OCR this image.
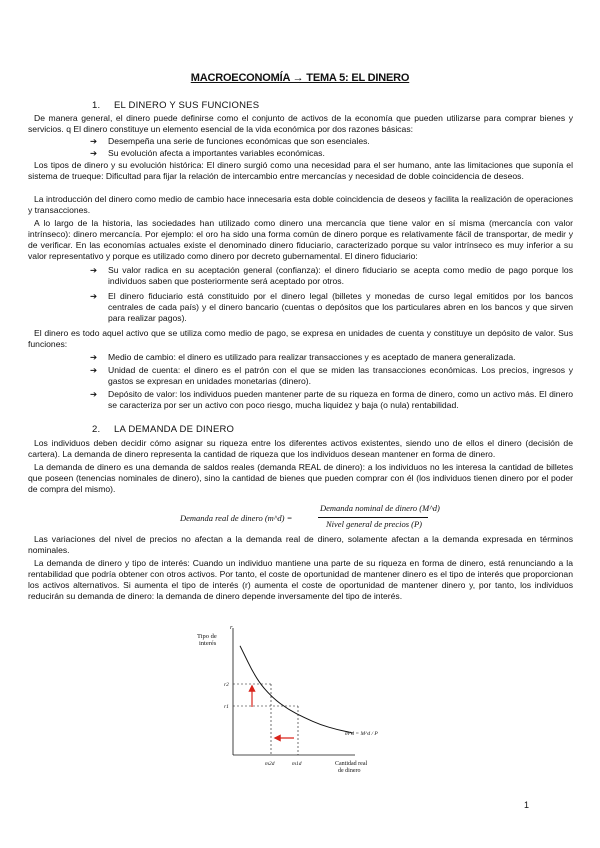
MACROECONOMÍA → TEMA 5: EL DINERO
1. EL DINERO Y SUS FUNCIONES

De manera general, el dinero puede definirse como el conjunto de activos de la economía que pueden utilizarse para comprar bienes y servicios. q El dinero constituye un elemento esencial de la vida económica por dos razones básicas:

➔ Desempeña una serie de funciones económicas que son esenciales.
➔ Su evolución afecta a importantes variables económicas.

Los tipos de dinero y su evolución histórica: El dinero surgió como una necesidad para el ser humano, ante las limitaciones que suponía el sistema de trueque: Dificultad para fijar la relación de intercambio entre mercancías y necesidad de doble coincidencia de deseos.

La introducción del dinero como medio de cambio hace innecesaria esta doble coincidencia de deseos y facilita la realización de operaciones y transacciones.

A lo largo de la historia, las sociedades han utilizado como dinero una mercancía que tiene valor en sí misma (mercancía con valor intrínseco): dinero mercancía. Por ejemplo: el oro ha sido una forma común de dinero porque es relativamente fácil de transportar, de medir y de verificar. En las economías actuales existe el denominado dinero fiduciario, caracterizado porque su valor intrínseco es muy inferior a su valor representativo y porque es utilizado como dinero por decreto gubernamental. El dinero fiduciario:

➔ Su valor radica en su aceptación general (confianza): el dinero fiduciario se acepta como medio de pago porque los individuos saben que posteriormente será aceptado por otros.
➔ El dinero fiduciario está constituido por el dinero legal (billetes y monedas de curso legal emitidos por los bancos centrales de cada país) y el dinero bancario (cuentas o depósitos que los particulares abren en los bancos y que sirven para realizar pagos).

El dinero es todo aquel activo que se utiliza como medio de pago, se expresa en unidades de cuenta y constituye un depósito de valor. Sus funciones:

➔ Medio de cambio: el dinero es utilizado para realizar transacciones y es aceptado de manera generalizada.
➔ Unidad de cuenta: el dinero es el patrón con el que se miden las transacciones económicas. Los precios, ingresos y gastos se expresan en unidades monetarias (dinero).
➔ Depósito de valor: los individuos pueden mantener parte de su riqueza en forma de dinero, como un activo más. El dinero se caracteriza por ser un activo con poco riesgo, mucha liquidez y baja (o nula) rentabilidad.
2. LA DEMANDA DE DINERO

Los individuos deben decidir cómo asignar su riqueza entre los diferentes activos existentes, siendo uno de ellos el dinero (decisión de cartera). La demanda de dinero representa la cantidad de riqueza que los individuos desean mantener en forma de dinero.

La demanda de dinero es una demanda de saldos reales (demanda REAL de dinero): a los individuos no les interesa la cantidad de billetes que poseen (tenencias nominales de dinero), sino la cantidad de bienes que pueden comprar con él (los individuos tienen dinero por el poder de compra del mismo).

Demanda real de dinero (m^d) =
Demanda nominal de dinero (M^d)
Nivel general de precios (P)

Las variaciones del nivel de precios no afectan a la demanda real de dinero, solamente afectan a la demanda expresada en términos nominales.

La demanda de dinero y tipo de interés: Cuando un individuo mantiene una parte de su riqueza en forma de dinero, está renunciando a la rentabilidad que podría obtener con otros activos. Por tanto, el coste de oportunidad de mantener dinero es el tipo de interés que proporcionan los activos alternativos. Si aumenta el tipo de interés (r) aumenta el coste de oportunidad de mantener dinero y, por tanto, los individuos reducirán su demanda de dinero: la demanda de dinero depende inversamente del tipo de interés.

Tipo de
interés
r
r2
r1
m2d	m1d
m^d = M^d / P
Cantidad real
de dinero
1
